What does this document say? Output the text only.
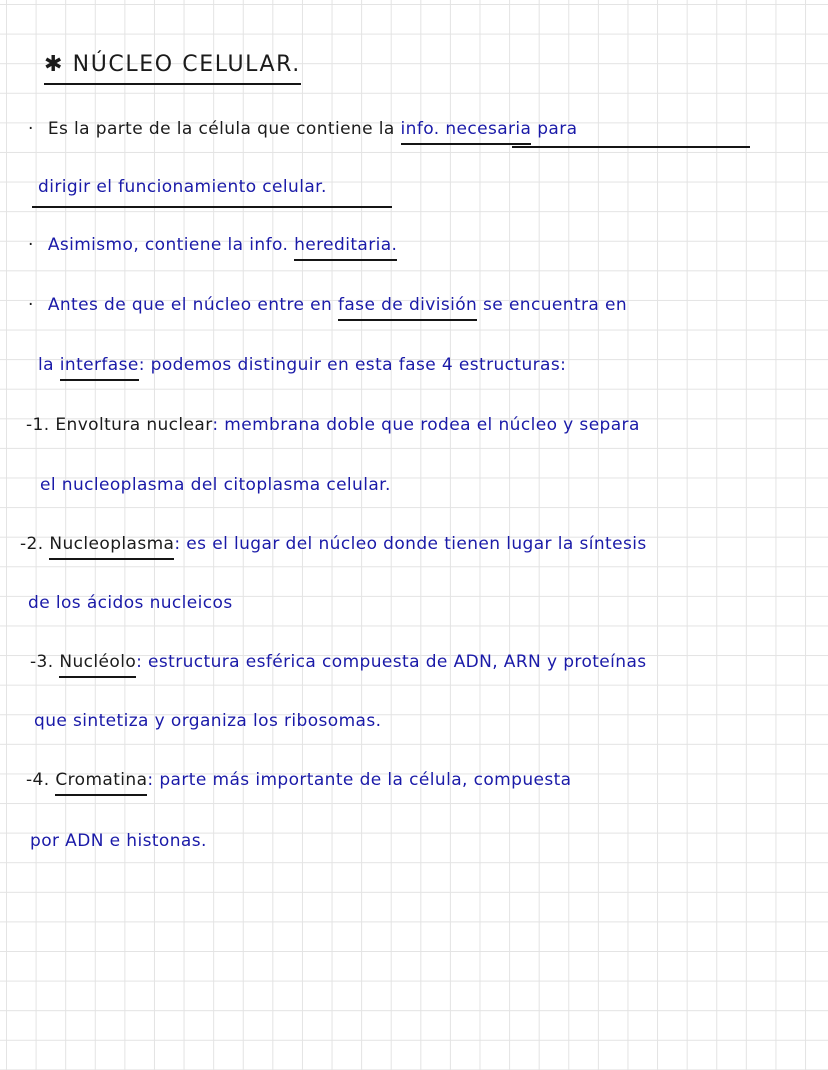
✱ NÚCLEO CELULAR.
· Es la parte de la célula que contiene la info. necesaria para
dirigir el funcionamiento celular.
· Asimismo, contiene la info. hereditaria.
· Antes de que el núcleo entre en fase de división se encuentra en
la interfase: podemos distinguir en esta fase 4 estructuras:
-1. Envoltura nuclear: membrana doble que rodea el núcleo y separa
el nucleoplasma del citoplasma celular.
-2. Nucleoplasma: es el lugar del núcleo donde tienen lugar la síntesis
de los ácidos nucleicos
-3. Nucléolo: estructura esférica compuesta de ADN, ARN y proteínas
que sintetiza y organiza los ribosomas.
-4. Cromatina: parte más importante de la célula, compuesta
por ADN e histonas.
